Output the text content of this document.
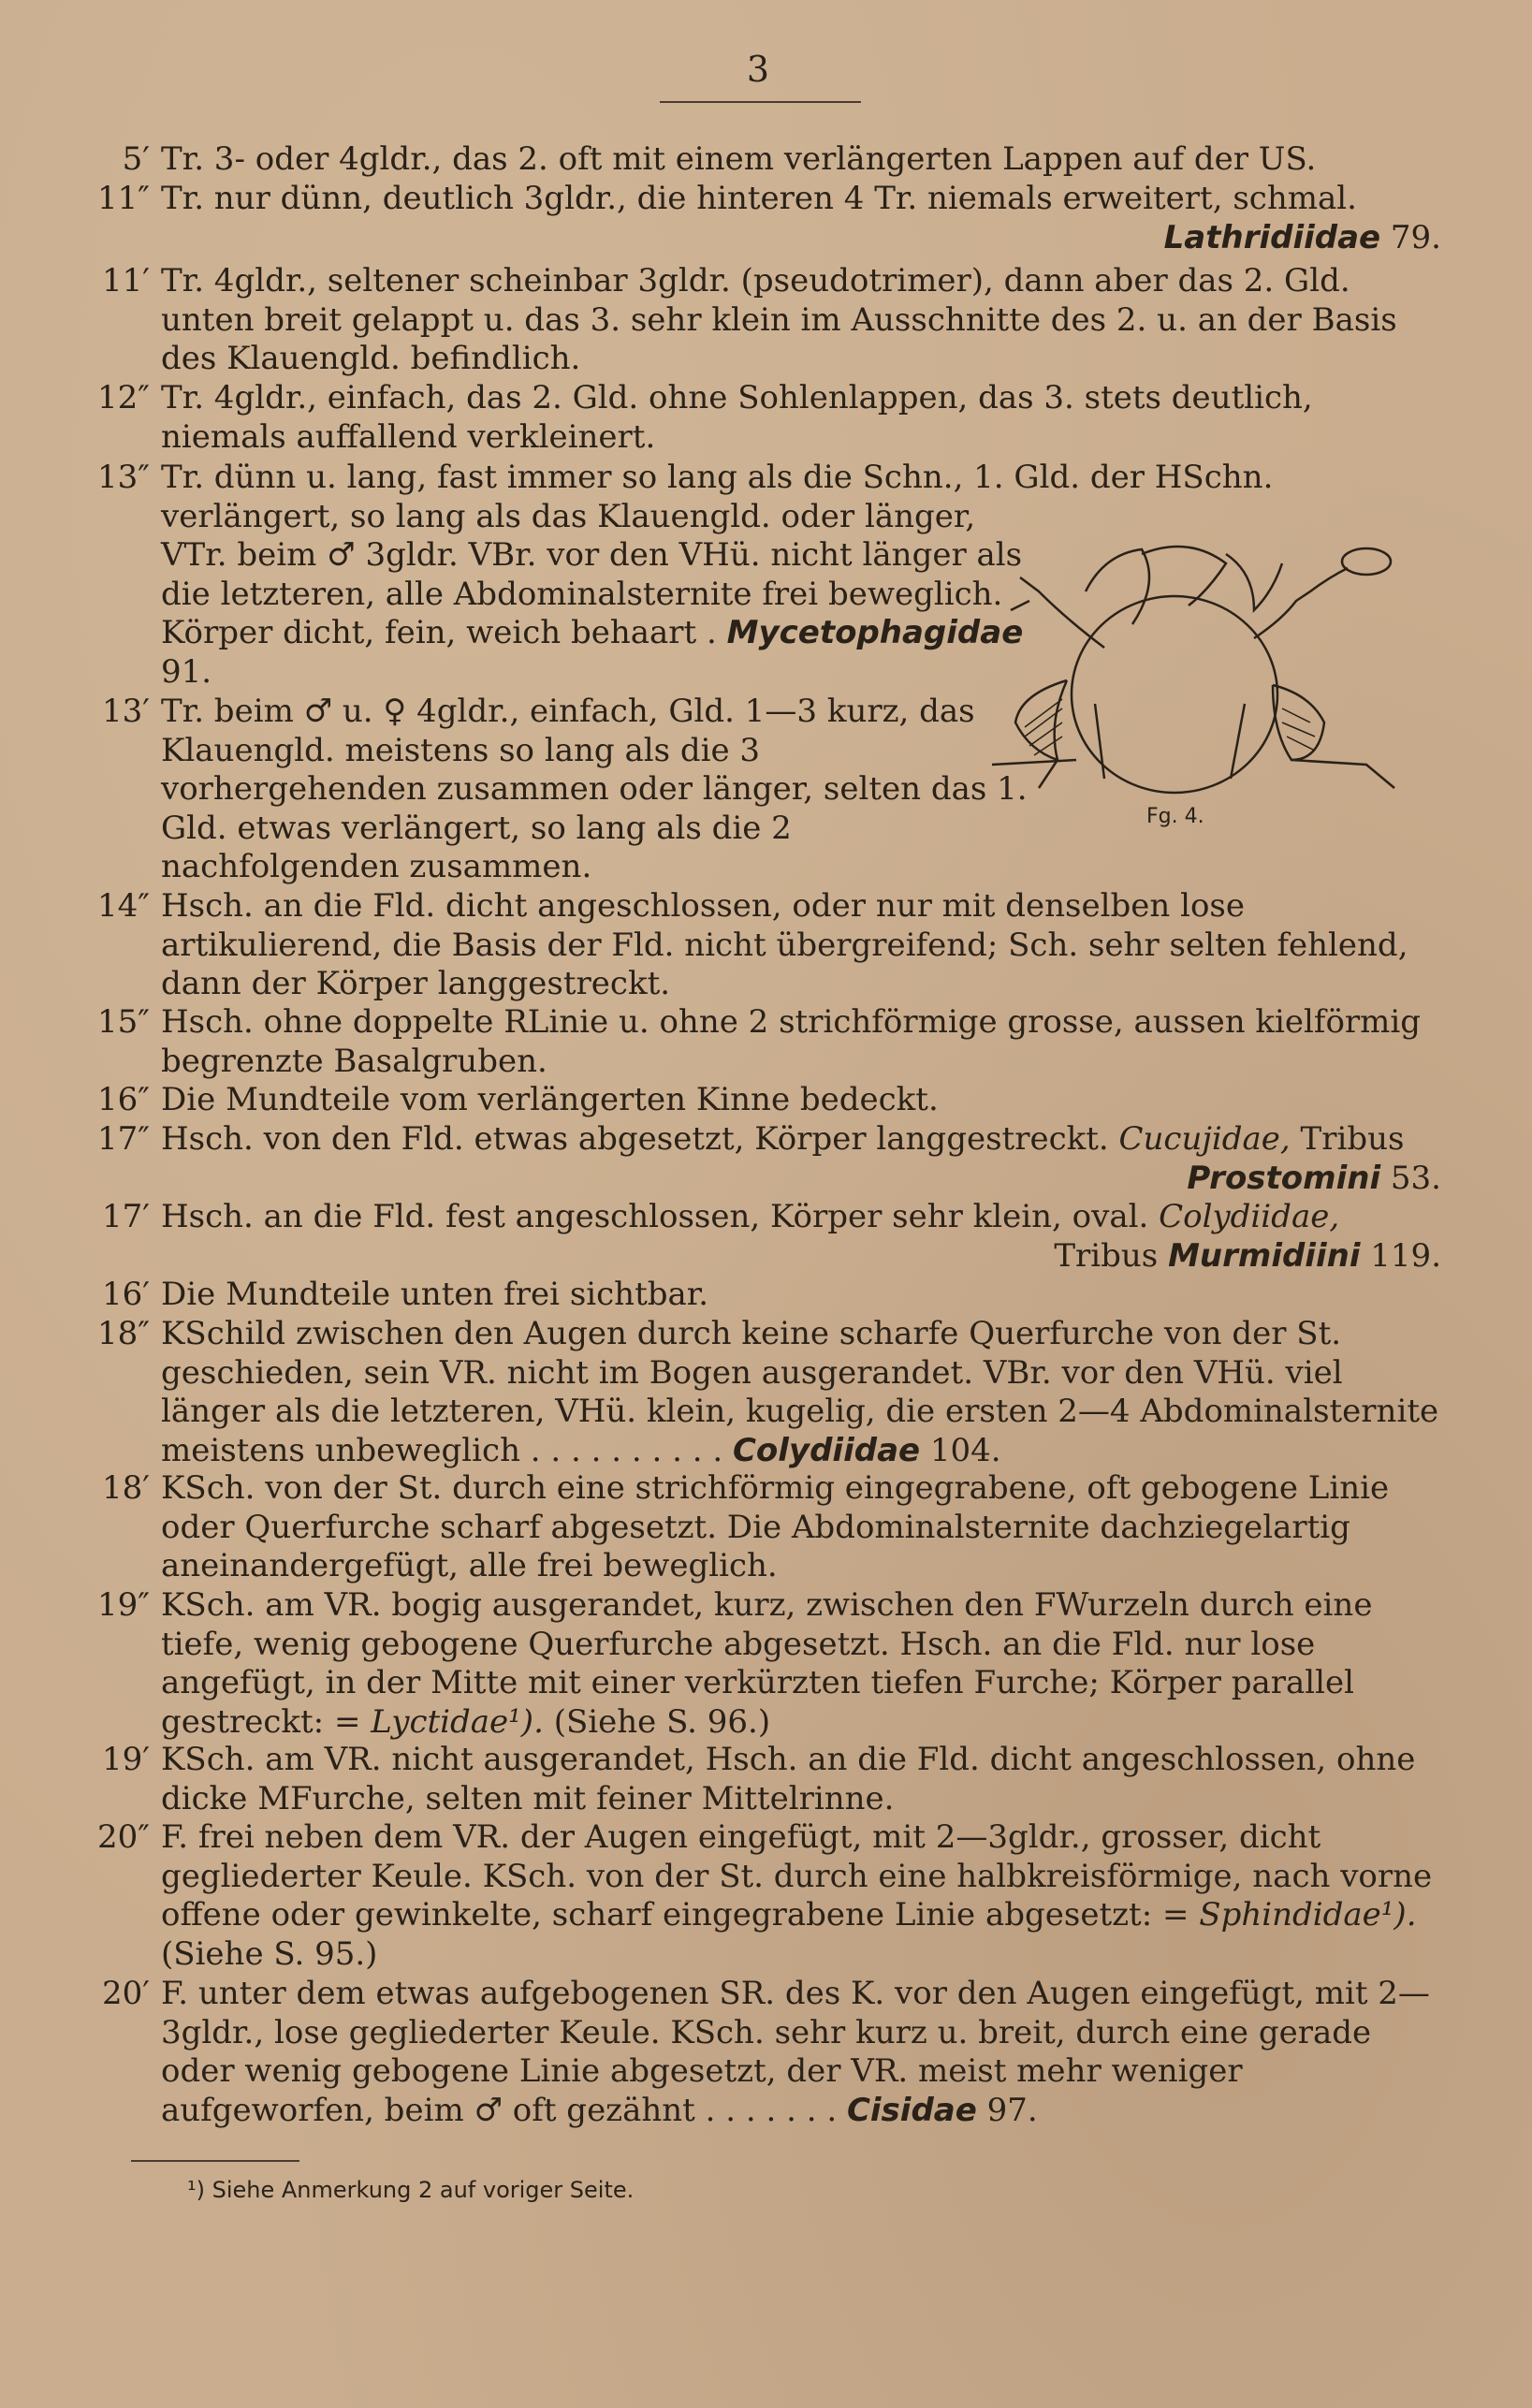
3
5′ Tr. 3- oder 4gldr., das 2. oft mit einem verlängerten Lappen auf der US.
11″ Tr. nur dünn, deutlich 3gldr., die hinteren 4 Tr. niemals erweitert, schmal.
Lathridiidae 79.
11′ Tr. 4gldr., seltener scheinbar 3gldr. (pseudotrimer), dann aber das 2. Gld. unten breit gelappt u. das 3. sehr klein im Ausschnitte des 2. u. an der Basis des Klauengld. befindlich.
12″ Tr. 4gldr., einfach, das 2. Gld. ohne Sohlenlappen, das 3. stets deutlich, niemals auffallend verkleinert.
13″ Tr. dünn u. lang, fast immer so lang als die Schn., 1. Gld. der HSchn.
verlängert, so lang als das Klauengld. oder länger, VTr. beim ♂ 3gldr. VBr. vor den VHü. nicht länger als die letzteren, alle Abdominalsternite frei beweglich. Körper dicht, fein, weich behaart . Mycetophagidae 91.
13′ Tr. beim ♂ u. ♀ 4gldr., einfach, Gld. 1—3 kurz, das Klauengld. meistens so lang als die 3 vorhergehenden zusammen oder länger, selten das 1. Gld. etwas verlängert, so lang als die 2 nachfolgenden zusammen.
Fg. 4.
14″ Hsch. an die Fld. dicht angeschlossen, oder nur mit denselben lose artikulierend, die Basis der Fld. nicht übergreifend; Sch. sehr selten fehlend, dann der Körper langgestreckt.
15″ Hsch. ohne doppelte RLinie u. ohne 2 strichförmige grosse, aussen kielförmig begrenzte Basalgruben.
16″ Die Mundteile vom verlängerten Kinne bedeckt.
17″ Hsch. von den Fld. etwas abgesetzt, Körper langgestreckt. Cucujidae, Tribus
Prostomini 53.
17′ Hsch. an die Fld. fest angeschlossen, Körper sehr klein, oval. Colydiidae,
Tribus Murmidiini 119.
16′ Die Mundteile unten frei sichtbar.
18″ KSchild zwischen den Augen durch keine scharfe Querfurche von der St. geschieden, sein VR. nicht im Bogen ausgerandet. VBr. vor den VHü. viel länger als die letzteren, VHü. klein, kugelig, die ersten 2—4 Abdominalsternite meistens unbeweglich . . . . . . . . . . Colydiidae 104.
18′ KSch. von der St. durch eine strichförmig eingegrabene, oft gebogene Linie oder Querfurche scharf abgesetzt. Die Abdominalsternite dachziegelartig aneinandergefügt, alle frei beweglich.
19″ KSch. am VR. bogig ausgerandet, kurz, zwischen den FWurzeln durch eine tiefe, wenig gebogene Querfurche abgesetzt. Hsch. an die Fld. nur lose angefügt, in der Mitte mit einer verkürzten tiefen Furche; Körper parallel gestreckt: = Lyctidae¹). (Siehe S. 96.)
19′ KSch. am VR. nicht ausgerandet, Hsch. an die Fld. dicht angeschlossen, ohne dicke MFurche, selten mit feiner Mittelrinne.
20″ F. frei neben dem VR. der Augen eingefügt, mit 2—3gldr., grosser, dicht gegliederter Keule. KSch. von der St. durch eine halbkreisförmige, nach vorne offene oder gewinkelte, scharf eingegrabene Linie abgesetzt: = Sphindidae¹). (Siehe S. 95.)
20′ F. unter dem etwas aufgebogenen SR. des K. vor den Augen eingefügt, mit 2—3gldr., lose gegliederter Keule. KSch. sehr kurz u. breit, durch eine gerade oder wenig gebogene Linie abgesetzt, der VR. meist mehr weniger aufgeworfen, beim ♂ oft gezähnt . . . . . . . Cisidae 97.
¹) Siehe Anmerkung 2 auf voriger Seite.
